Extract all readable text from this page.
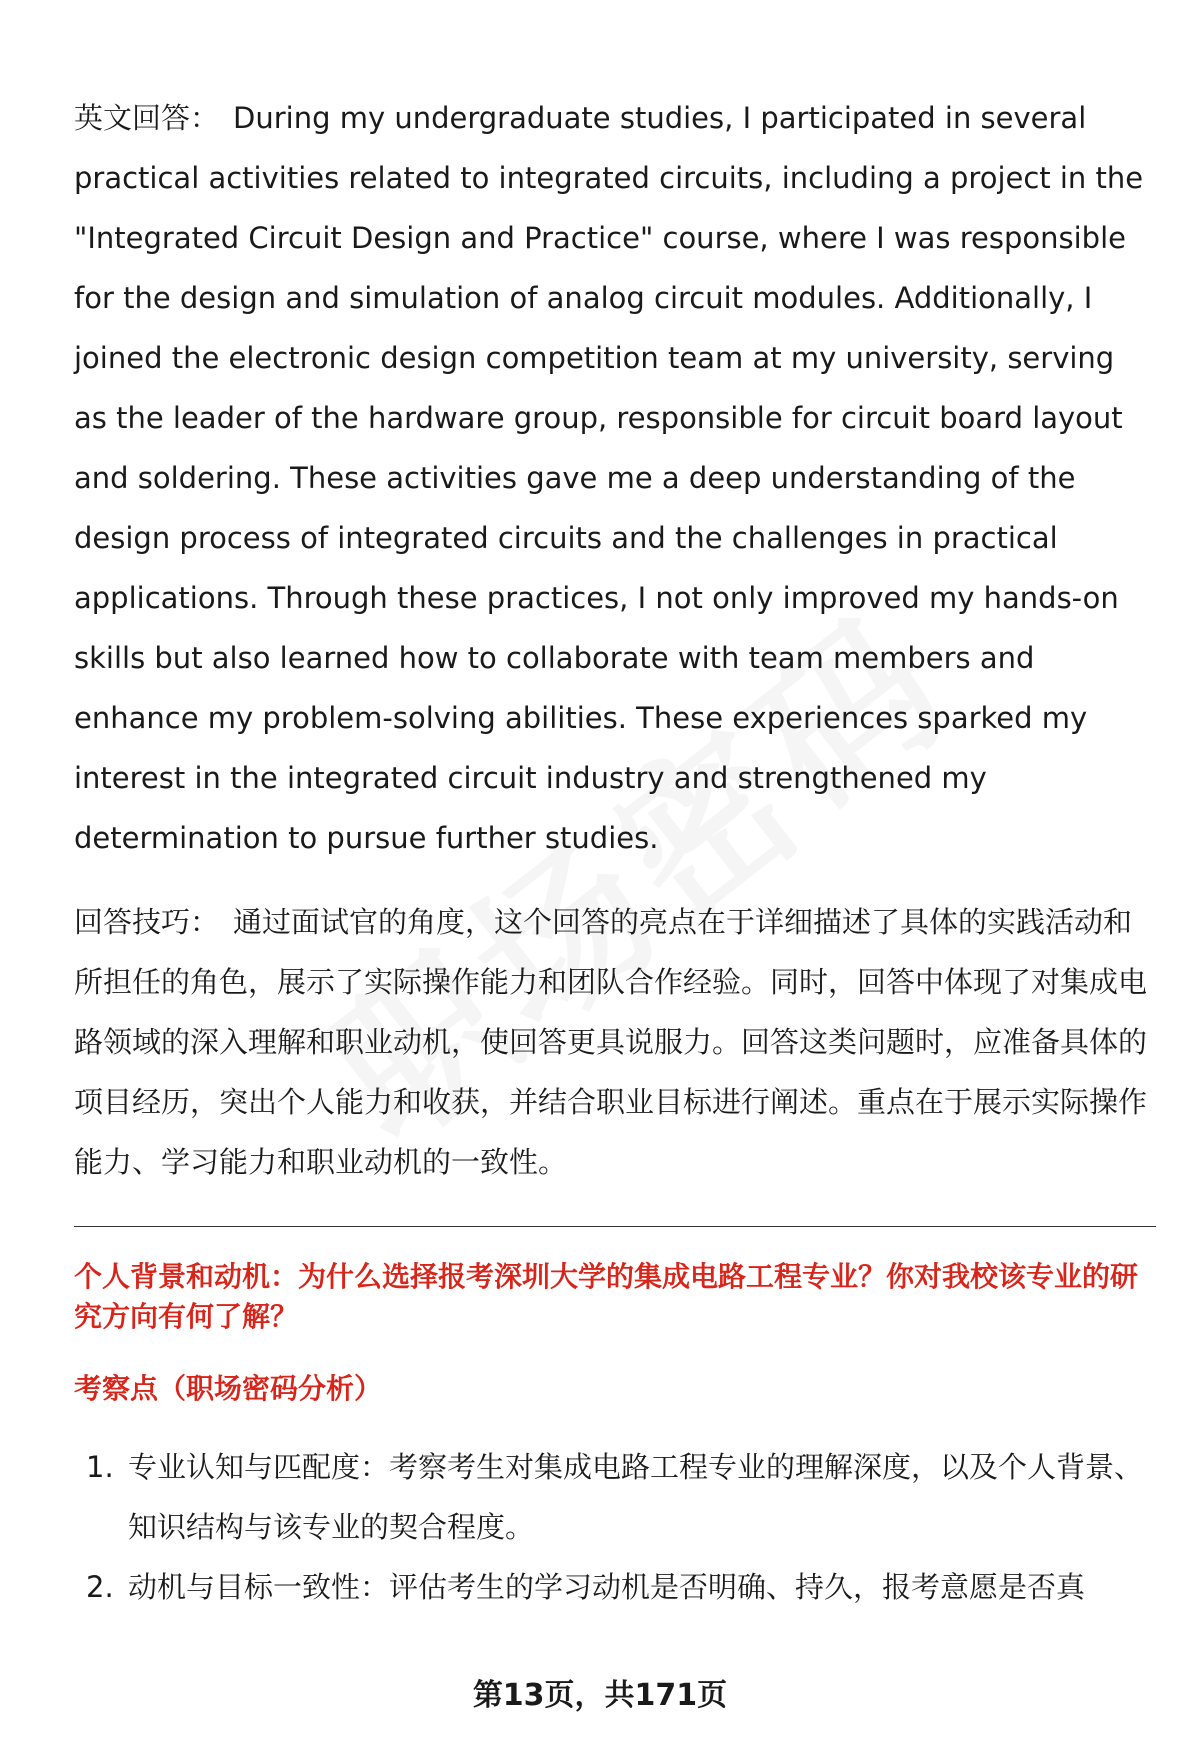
英文回答： During my undergraduate studies, I participated in several practical activities related to integrated circuits, including a project in the "Integrated Circuit Design and Practice" course, where I was responsible for the design and simulation of analog circuit modules. Additionally, I joined the electronic design competition team at my university, serving as the leader of the hardware group, responsible for circuit board layout and soldering. These activities gave me a deep understanding of the design process of integrated circuits and the challenges in practical applications. Through these practices, I not only improved my hands-on skills but also learned how to collaborate with team members and enhance my problem-solving abilities. These experiences sparked my interest in the integrated circuit industry and strengthened my determination to pursue further studies.

回答技巧： 通过面试官的角度，这个回答的亮点在于详细描述了具体的实践活动和所担任的角色，展示了实际操作能力和团队合作经验。同时，回答中体现了对集成电路领域的深入理解和职业动机，使回答更具说服力。回答这类问题时，应准备具体的项目经历，突出个人能力和收获，并结合职业目标进行阐述。重点在于展示实际操作能力、学习能力和职业动机的一致性。

个人背景和动机：为什么选择报考深圳大学的集成电路工程专业？你对我校该专业的研究方向有何了解？

考察点（职场密码分析）

1. 专业认知与匹配度：考察考生对集成电路工程专业的理解深度，以及个人背景、知识结构与该专业的契合程度。
2. 动机与目标一致性：评估考生的学习动机是否明确、持久，报考意愿是否真
第13页，共171页
